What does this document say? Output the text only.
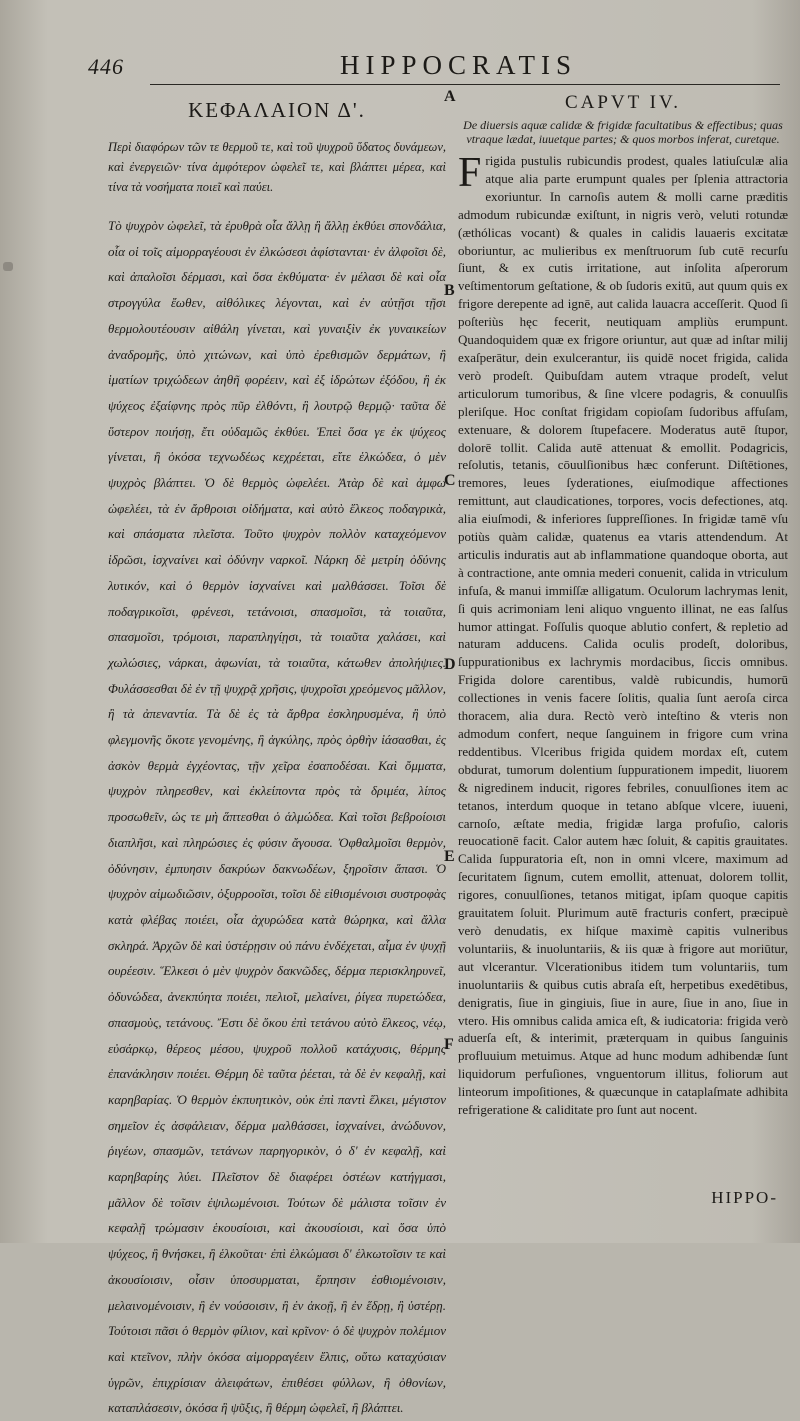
446	HIPPOCRATIS
ΚΕΦΑΛΑΙΟΝ Δ'.

Περὶ διαφόρων τῶν τε θερμοῦ τε, καὶ τοῦ ψυχροῦ ὕδατος δυνάμεων, καὶ ἐνεργειῶν· τίνα ἀμφότερον ὠφελεῖ τε, καὶ βλάπτει μέρεα, καὶ τίνα τὰ νοσήματα ποιεῖ καὶ παύει.

Τὸ ψυχρὸν ὠφελεῖ, τὰ ἐρυθρὰ οἷα ἄλλῃ ἢ ἄλλῃ ἐκθύει σπονδάλια, οἷα οἱ τοῖς αἱμορραγέουσι ἐν ἐλκώσεσι ἀφίστανται· ἐν ἀλφοῖσι δὲ, καὶ ἀπαλοῖσι δέρμασι, καὶ ὅσα ἐκθύματα· ἐν μέλασι δὲ καὶ οἷα στρογγύλα ἔωθεν, αἰθόλικες λέγονται, καὶ ἐν αὐτῇσι τῇσι θερμολουτέουσιν αἰθάλη γίνεται, καὶ γυναιξὶν ἐκ γυναικείων ἀναδρομῆς, ὑπὸ χιτώνων, καὶ ὑπὸ ἐρεθισμῶν δερμάτων, ἢ ἱματίων τριχώδεων ἀηθῆ φορέειν, καὶ ἐξ ἱδρώτων ἐξόδου, ἢ ἐκ ψύχεος ἐξαίφνης πρὸς πῦρ ἐλθόντι, ἢ λουτρῷ θερμῷ· ταῦτα δὲ ὕστερον ποιήσῃ, ἔτι οὐδαμῶς ἐκθύει. Ἐπεὶ ὅσα γε ἐκ ψύχεος γίνεται, ἢ ὁκόσα τεχνωδέως κεχρέεται, εἴτε ἑλκώδεα, ὁ μὲν ψυχρὸς βλάπτει. Ὁ δὲ θερμὸς ὠφελέει. Ἀτὰρ δὲ καὶ ἀμφω ὠφελέει, τὰ ἐν ἄρθροισι οἰδήματα, καὶ αὐτὸ ἕλκεος ποδαγρικὰ, καὶ σπάσματα πλεῖστα. Τοῦτο ψυχρὸν πολλὸν καταχεόμενον ἱδρῶσι, ἰσχναίνει καὶ ὀδύνην ναρκοῖ. Νάρκη δὲ μετρίη ὀδύνης λυτικόν, καὶ ὁ θερμὸν ἰσχναίνει καὶ μαλθάσσει. Τοῖσι δὲ ποδαγρικοῖσι, φρένεσι, τετάνοισι, σπασμοῖσι, τὰ τοιαῦτα, σπασμοῖσι, τρόμοισι, παραπληγίῃσι, τὰ τοιαῦτα χαλάσει, καὶ χωλώσιες, νάρκαι, ἀφωνίαι, τὰ τοιαῦτα, κάτωθεν ἀπολήψιες. Φυλάσσεσθαι δὲ ἐν τῇ ψυχρᾷ χρῆσις, ψυχροῖσι χρεόμενος μᾶλλον, ἢ τὰ ἀπεναντία. Τὰ δὲ ἐς τὰ ἄρθρα ἐσκληρυσμένα, ἢ ὑπὸ φλεγμονῆς ὅκοτε γενομένης, ἢ ἀγκύλης, πρὸς ὀρθὴν ἰάσασθαι, ἐς ἀσκὸν θερμὰ ἐγχέοντας, τῇν χεῖρα ἐσαποδέσαι. Καὶ ὄμματα, ψυχρὸν πληρεσθεν, καὶ ἐκλείποντα πρὸς τὰ δριμέα, λίπος προσωθεῖν, ὡς τε μὴ ἅπτεσθαι ὁ ἁλμώδεα. Καὶ τοῖσι βεβροίοισι διαπλῆσι, καὶ πληρώσιες ἐς φύσιν ἄγουσα. Ὀφθαλμοῖσι θερμὸν, ὀδύνησιν, ἐμπυησιν δακρύων δακνωδέων, ξηροῖσιν ἅπασι. Ὁ ψυχρὸν αἱμωδιῶσιν, ὀξυρροοῖσι, τοῖσι δὲ εἰθισμένοισι συστροφὰς κατὰ φλέβας ποιέει, οἷα ἀχυρώδεα κατὰ θώρηκα, καὶ ἄλλα σκληρά. Ἀρχῶν δὲ καὶ ὑστέρῃσιν οὐ πάνυ ἐνδέχεται, αἷμα ἐν ψυχῇ ουρέεσιν. Ἕλκεσι ὁ μὲν ψυχρὸν δακνῶδες, δέρμα περισκληρυνεῖ, ὀδυνώδεα, ἀνεκπύητα ποιέει, πελιοῖ, μελαίνει, ῥίγεα πυρετώδεα, σπασμοὺς, τετάνους. Ἔστι δὲ ὅκου ἐπὶ τετάνου αὐτὸ ἕλκεος, νέῳ, εὐσάρκῳ, θέρεος μέσου, ψυχροῦ πολλοῦ κατάχυσις, θέρμης ἐπανάκλησιν ποιέει. Θέρμη δὲ ταῦτα ῥέεται, τὰ δὲ ἐν κεφαλῇ, καὶ καρηβαρίας. Ὁ θερμὸν ἐκπυητικὸν, οὐκ ἐπὶ παντὶ ἕλκει, μέγιστον σημεῖον ἐς ἀσφάλειαν, δέρμα μαλθάσσει, ἰσχναίνει, ἀνώδυνον, ῥιγέων, σπασμῶν, τετάνων παρηγορικὸν, ὁ δ' ἐν κεφαλῇ, καὶ καρηβαρίης λύει. Πλεῖστον δὲ διαφέρει ὀστέων κατήγμασι, μᾶλλον δὲ τοῖσιν ἐψιλωμένοισι. Τούτων δὲ μάλιστα τοῖσιν ἐν κεφαλῇ τρώμασιν ἑκουσίοισι, καὶ ἀκουσίοισι, καὶ ὅσα ὑπὸ ψύχεος, ἢ θνήσκει, ἢ ἑλκοῦται· ἐπὶ ἑλκώμασι δ' ἑλκωτοῖσιν τε καὶ ἀκουσίοισιν, οἷσιν ὑποσυρμαται, ἕρπησιν ἐσθιομένοισιν, μελαινομένοισιν, ἢ ἐν νούσοισιν, ἢ ἐν ἀκοῇ, ἢ ἐν ἕδρῃ, ἢ ὑστέρῃ. Τούτοισι πᾶσι ὁ θερμὸν φίλιον, καὶ κρῖνον· ὁ δὲ ψυχρὸν πολέμιον καὶ κτεῖνον, πλὴν ὁκόσα αἱμορραγέειν ἔλπις, οὕτω καταχύσιαν ὑγρῶν, ἐπιχρίσιαν ἀλειφάτων, ἐπιθέσει φύλλων, ἢ ὀθονίων, καταπλάσεσιν, ὁκόσα ἢ ψῦξις, ἢ θέρμη ὠφελεῖ, ἢ βλάπτει.

A
B
C
D
E
F
CAPVT IV.

De diuersis aquæ calidæ & frigidæ facultatibus & effectibus; quas vtraque lædat, iuuetque partes; & quos morbos inferat, curetque.

Frigida pustulis rubicundis prodest, quales latiuſculæ alia atque alia parte erumpunt quales per ſplenia attractoria exoriuntur. In carnoſis autem & molli carne præditis admodum rubicundæ exiſtunt, in nigris verò, veluti rotundæ (æthólicas vocant) & quales in calidis lauaeris excitatæ oboriuntur, ac mulieribus ex menſtruorum ſub cutē recurſu ſiunt, & ex cutis irritatione, aut inſolita aſperorum veſtimentorum geſtatione, & ob ſudoris exitū, aut quum quis ex frigore derepente ad ignē, aut calida lauacra acceſſerit. Quod ſi poſteriùs hęc fecerit, neutiquam ampliùs erumpunt. Quandoquidem quæ ex frigore oriuntur, aut quæ ad inſtar milij exaſperātur, dein exulcerantur, iis quidē nocet frigida, calida verò prodeſt. Quibuſdam autem vtraque prodeſt, velut articulorum tumoribus, & ſine vlcere podagris, & conuulſis pleriſque. Hoc conſtat frigidam copioſam ſudoribus affuſam, extenuare, & dolorem ſtupefacere. Moderatus autē ſtupor, dolorē tollit. Calida autē attenuat & emollit. Podagricis, reſolutis, tetanis, cōuulſionibus hæc conferunt. Diſtētiones, tremores, leues ſyderationes, eiuſmodique affectiones remittunt, aut claudicationes, torpores, vocis defectiones, atq. alia eiuſmodi, & inferiores ſuppreſſiones. In frigidæ tamē vſu potiùs quàm calidæ, quatenus ea vtaris attendendum. At articulis induratis aut ab inflammatione quandoque oborta, aut à contractione, ante omnia mederi conuenit, calida in vtriculum infuſa, & manui immiſſæ alligatum. Oculorum lachrymas lenit, ſi quis acrimoniam leni aliquo vnguento illinat, ne eas ſalſus humor attingat. Foſſulis quoque ablutio confert, & repletio ad naturam adducens. Calida oculis prodeſt, doloribus, ſuppurationibus ex lachrymis mordacibus, ſiccis omnibus. Frigida dolore carentibus, valdè rubicundis, humorū collectiones in venis facere ſolitis, qualia ſunt aeroſa circa thoracem, alia dura. Rectò verò inteſtino & vteris non admodum confert, neque ſanguinem in frigore cum vrina reddentibus. Vlceribus frigida quidem mordax eſt, cutem obdurat, tumorum dolentium ſuppurationem impedit, liuorem & nigredinem inducit, rigores febriles, conuulſiones item ac tetanos, interdum quoque in tetano abſque vlcere, iuueni, carnoſo, æſtate media, frigidæ larga profuſio, caloris reuocationē facit. Calor autem hæc ſoluit, & capitis grauitates. Calida ſuppuratoria eſt, non in omni vlcere, maximum ad ſecuritatem ſignum, cutem emollit, attenuat, dolorem tollit, rigores, conuulſiones, tetanos mitigat, ipſam quoque capitis grauitatem ſoluit. Plurimum autē fracturis confert, præcipuè verò denudatis, ex hiſque maximè capitis vulneribus voluntariis, & inuoluntariis, & iis quæ à frigore aut moriūtur, aut vlcerantur. Vlcerationibus itidem tum voluntariis, tum inuoluntariis & quibus cutis abraſa eſt, herpetibus exedētibus, denigratis, ſiue in gingiuis, ſiue in aure, ſiue in ano, ſiue in vtero. His omnibus calida amica eſt, & iudicatoria: frigida verò aduerſa eſt, & interimit, præterquam in quibus ſanguinis profluuium metuimus. Atque ad hunc modum adhibendæ ſunt liquidorum perfuſiones, vnguentorum illitus, foliorum aut linteorum impoſitiones, & quæcunque in cataplaſmate adhibita refrigeratione & caliditate pro ſunt aut nocent.

HIPPO-
